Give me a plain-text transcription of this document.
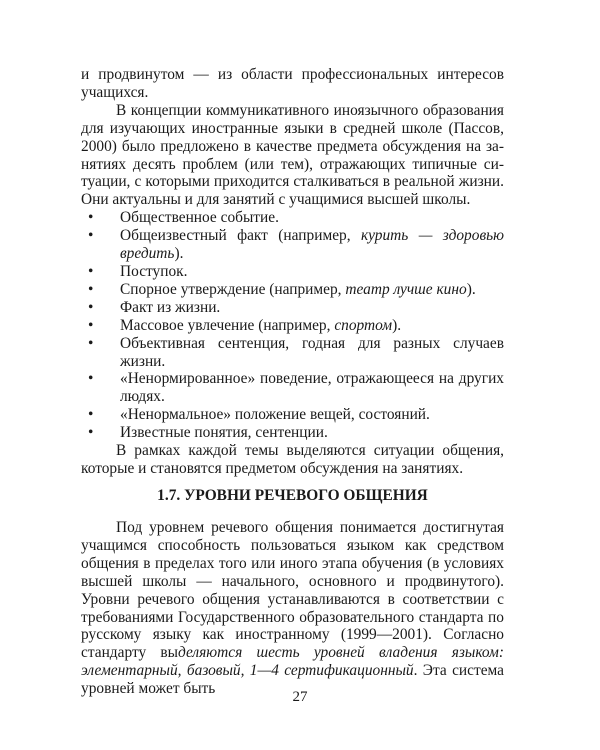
и продвинутом — из области профессиональных интересов учащихся.

В концепции коммуникативного иноязычного образования для изучающих иностранные языки в средней школе (Пассов, 2000) было предложено в качестве предмета обсуждения на занятиях десять проблем (или тем), отражающих типичные ситуации, с которыми приходится сталкиваться в реальной жизни. Они актуальны и для занятий с учащимися высшей школы.

• Общественное событие.
• Общеизвестный факт (например, курить — здоровью вредить).
• Поступок.
• Спорное утверждение (например, театр лучше кино).
• Факт из жизни.
• Массовое увлечение (например, спортом).
• Объективная сентенция, годная для разных случаев жизни.
• «Ненормированное» поведение, отражающееся на других людях.
• «Ненормальное» положение вещей, состояний.
• Известные понятия, сентенции.

В рамках каждой темы выделяются ситуации общения, которые и становятся предметом обсуждения на занятиях.

1.7. УРОВНИ РЕЧЕВОГО ОБЩЕНИЯ

Под уровнем речевого общения понимается достигнутая учащимся способность пользоваться языком как средством общения в пределах того или иного этапа обучения (в условиях высшей школы — начального, основного и продвинутого). Уровни речевого общения устанавливаются в соответствии с требованиями Государственного образовательного стандарта по русскому языку как иностранному (1999—2001). Согласно стандарту выделяются шесть уровней владения языком: элементарный, базовый, 1—4 сертификационный. Эта система уровней может быть	27
